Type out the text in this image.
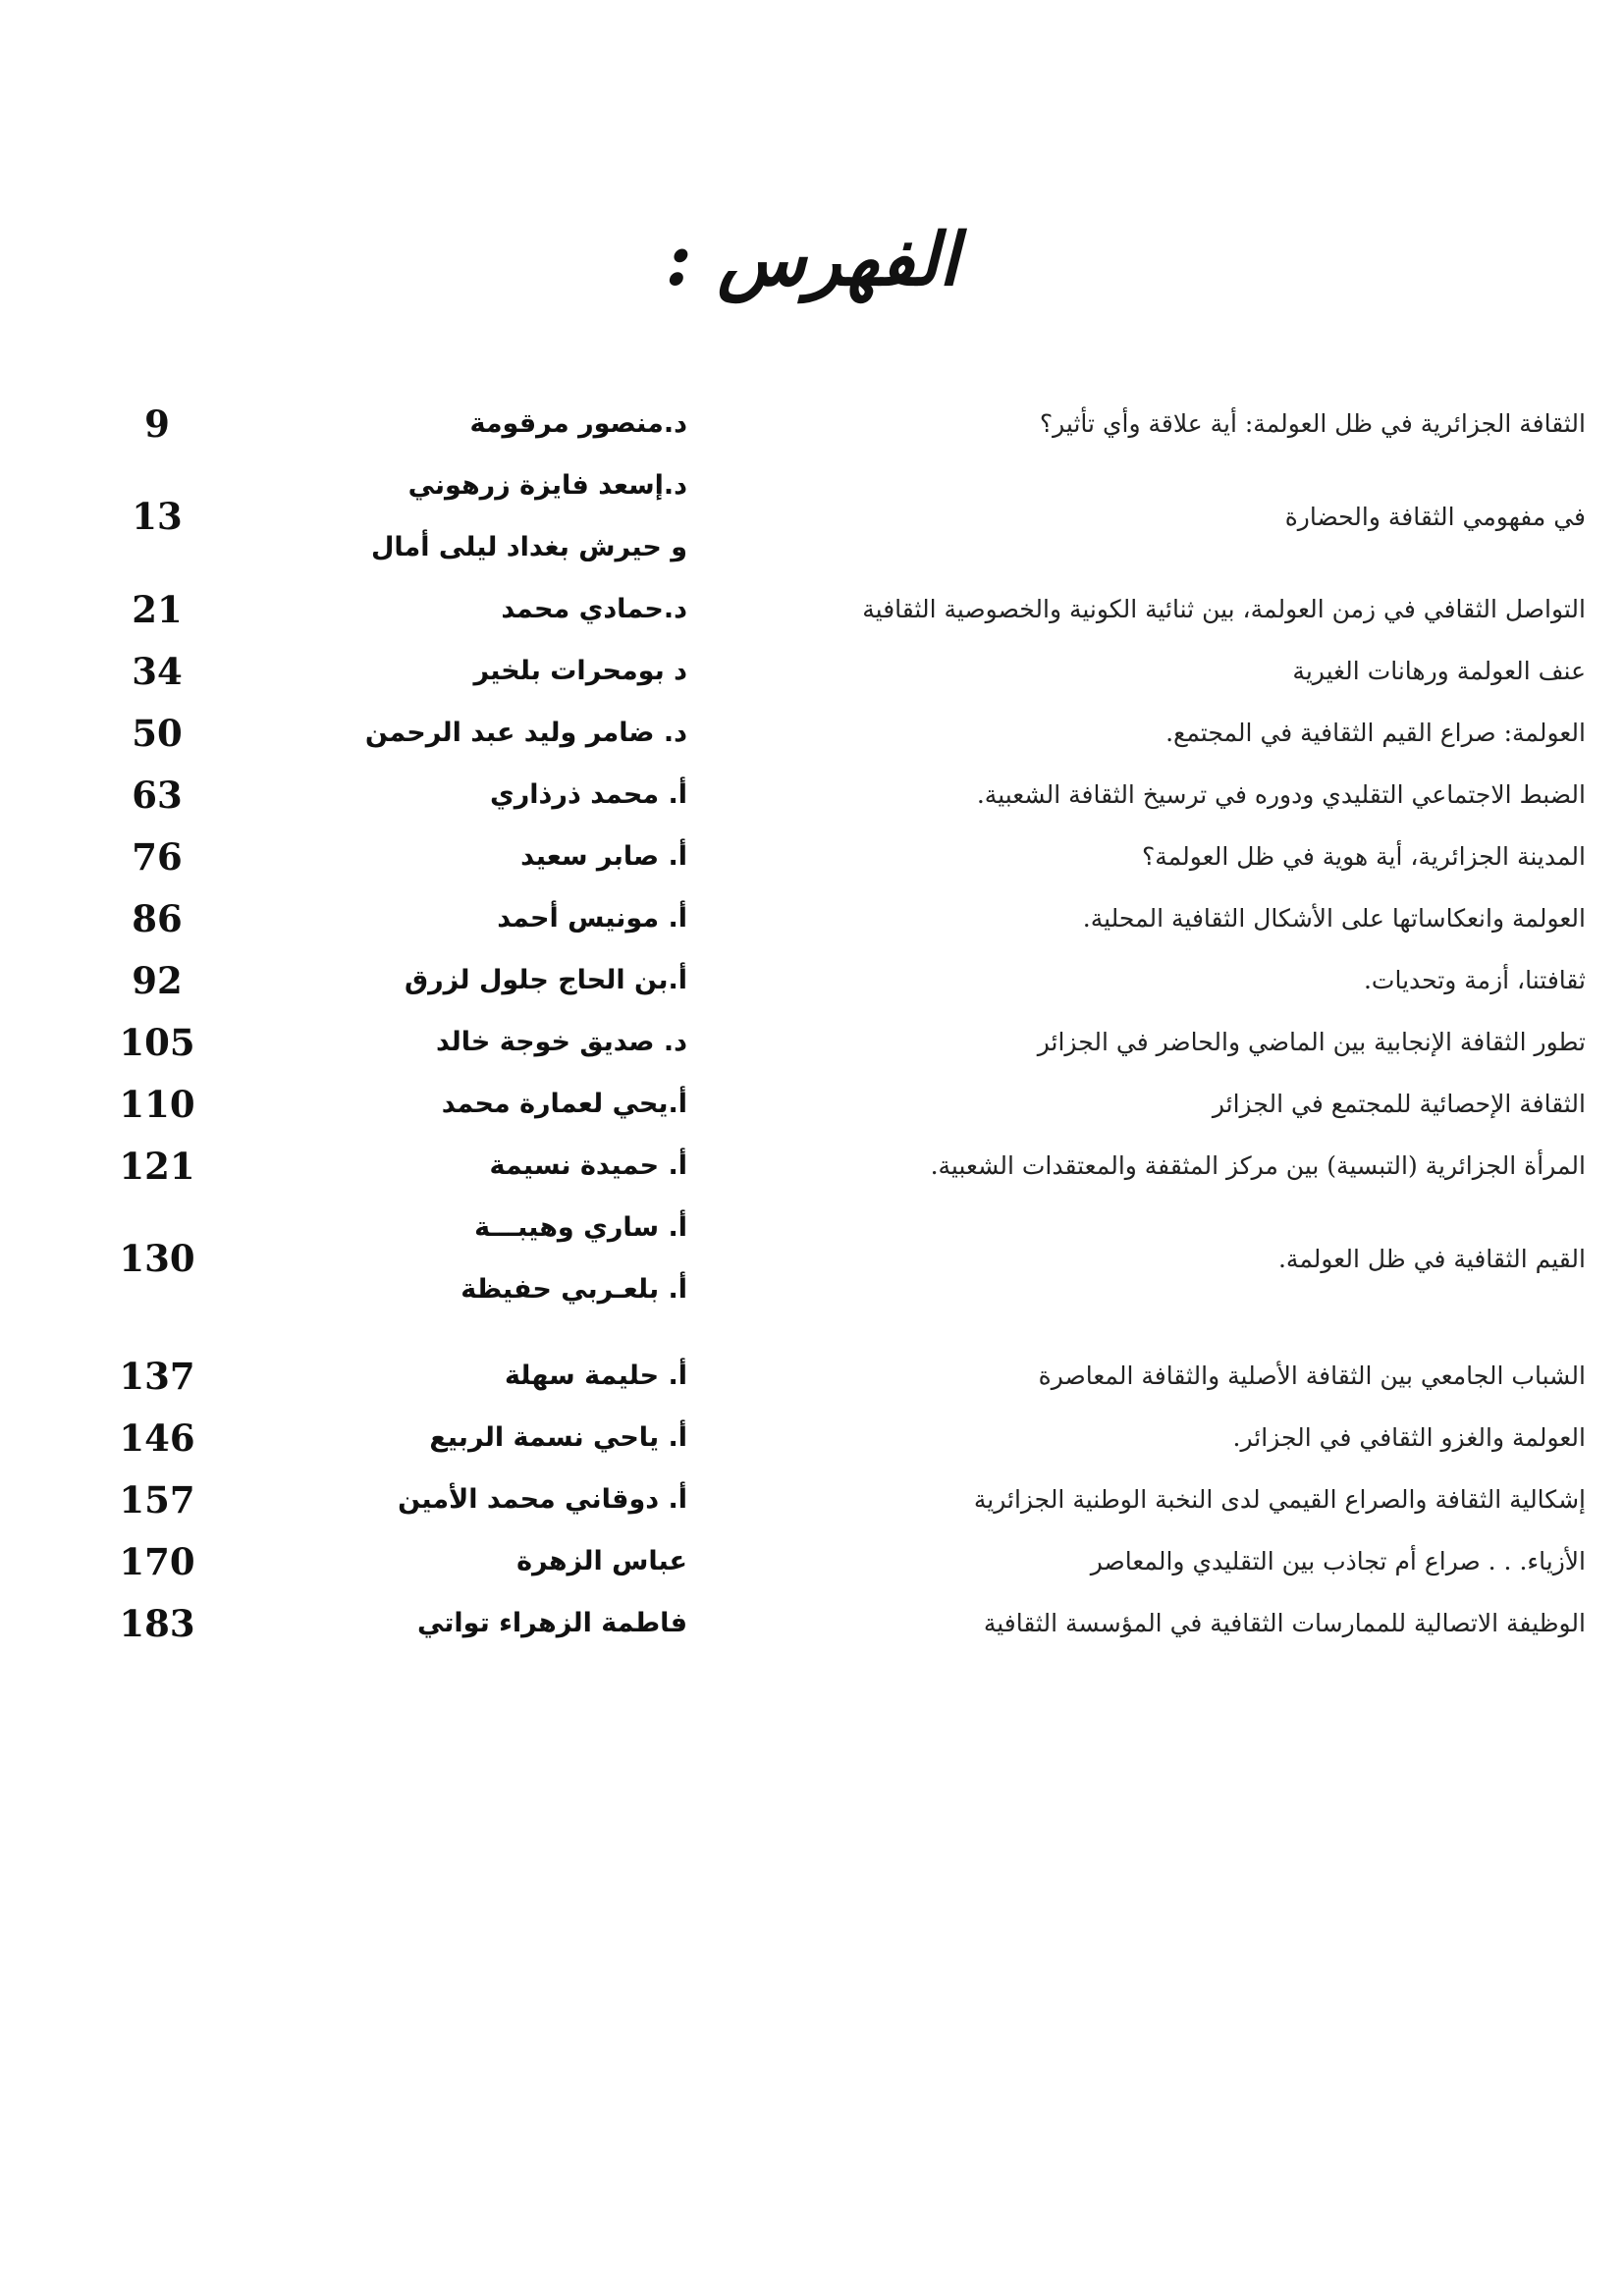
الفهرس :
الثقافة الجزائرية في ظل العولمة: أية علاقة وأي تأثير؟
د.منصور مرقومة
9
في مفهومي الثقافة والحضارة
د.إسعد فايزة زرهوني
و حيرش بغداد ليلى أمال
13
التواصل الثقافي في زمن العولمة، بين ثنائية الكونية والخصوصية الثقافية
د.حمادي محمد
21
عنف العولمة ورهانات الغيرية
د بومحرات بلخير
34
العولمة: صراع القيم الثقافية في المجتمع.
د. ضامر وليد عبد الرحمن
50
الضبط الاجتماعي التقليدي ودوره في ترسيخ الثقافة الشعبية.
أ. محمد ذرذاري
63
المدينة الجزائرية، أية هوية في ظل العولمة؟
أ. صابر سعيد
76
العولمة وانعكاساتها على الأشكال الثقافية المحلية.
أ. مونيس أحمد
86
ثقافتنا، أزمة وتحديات.
أ.بن الحاج جلول لزرق
92
تطور الثقافة الإنجابية بين الماضي والحاضر في الجزائر
د. صديق خوجة خالد
105
الثقافة الإحصائية للمجتمع في الجزائر
أ.يحي لعمارة محمد
110
المرأة الجزائرية (التبسية) بين مركز المثقفة والمعتقدات الشعبية.
أ. حميدة نسيمة
121
القيم الثقافية في ظل العولمة.
أ. ساري وهيبـــة
أ. بلعـربي حفيظة
130
الشباب الجامعي بين الثقافة الأصلية والثقافة المعاصرة
أ. حليمة سهلة
137
العولمة والغزو الثقافي في الجزائر.
أ. ياحي نسمة الربيع
146
إشكالية الثقافة والصراع القيمي لدى النخبة الوطنية الجزائرية
أ. دوقاني محمد الأمين
157
الأزياء. . . صراع أم تجاذب بين التقليدي والمعاصر
عباس الزهرة
170
الوظيفة الاتصالية للممارسات الثقافية في المؤسسة الثقافية
فاطمة الزهراء تواتي
183
